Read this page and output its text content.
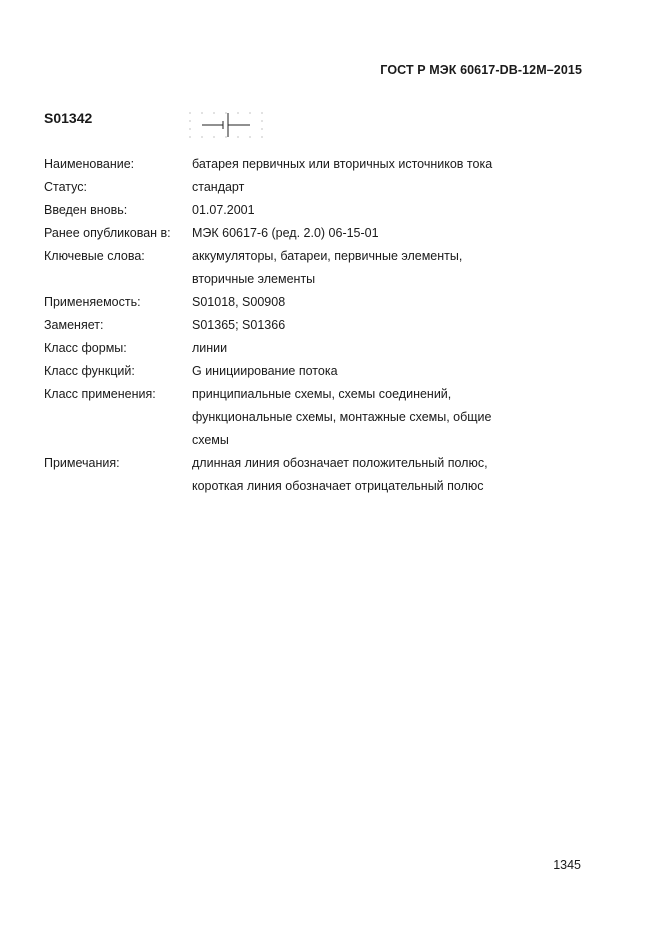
ГОСТ Р МЭК 60617-DB-12M–2015
S01342
Наименование:	батарея первичных или вторичных источников тока
Статус:	стандарт
Введен вновь:	01.07.2001
Ранее опубликован в:	МЭК 60617-6 (ред. 2.0) 06-15-01
Ключевые слова:	аккумуляторы, батареи, первичные элементы,
вторичные элементы
Применяемость:	S01018, S00908
Заменяет:	S01365; S01366
Класс формы:	линии
Класс функций:	G инициирование потока
Класс применения:	принципиальные схемы, схемы соединений,
функциональные схемы, монтажные схемы, общие
схемы
Примечания:	длинная линия обозначает положительный полюс,
короткая линия обозначает отрицательный полюс
1345
